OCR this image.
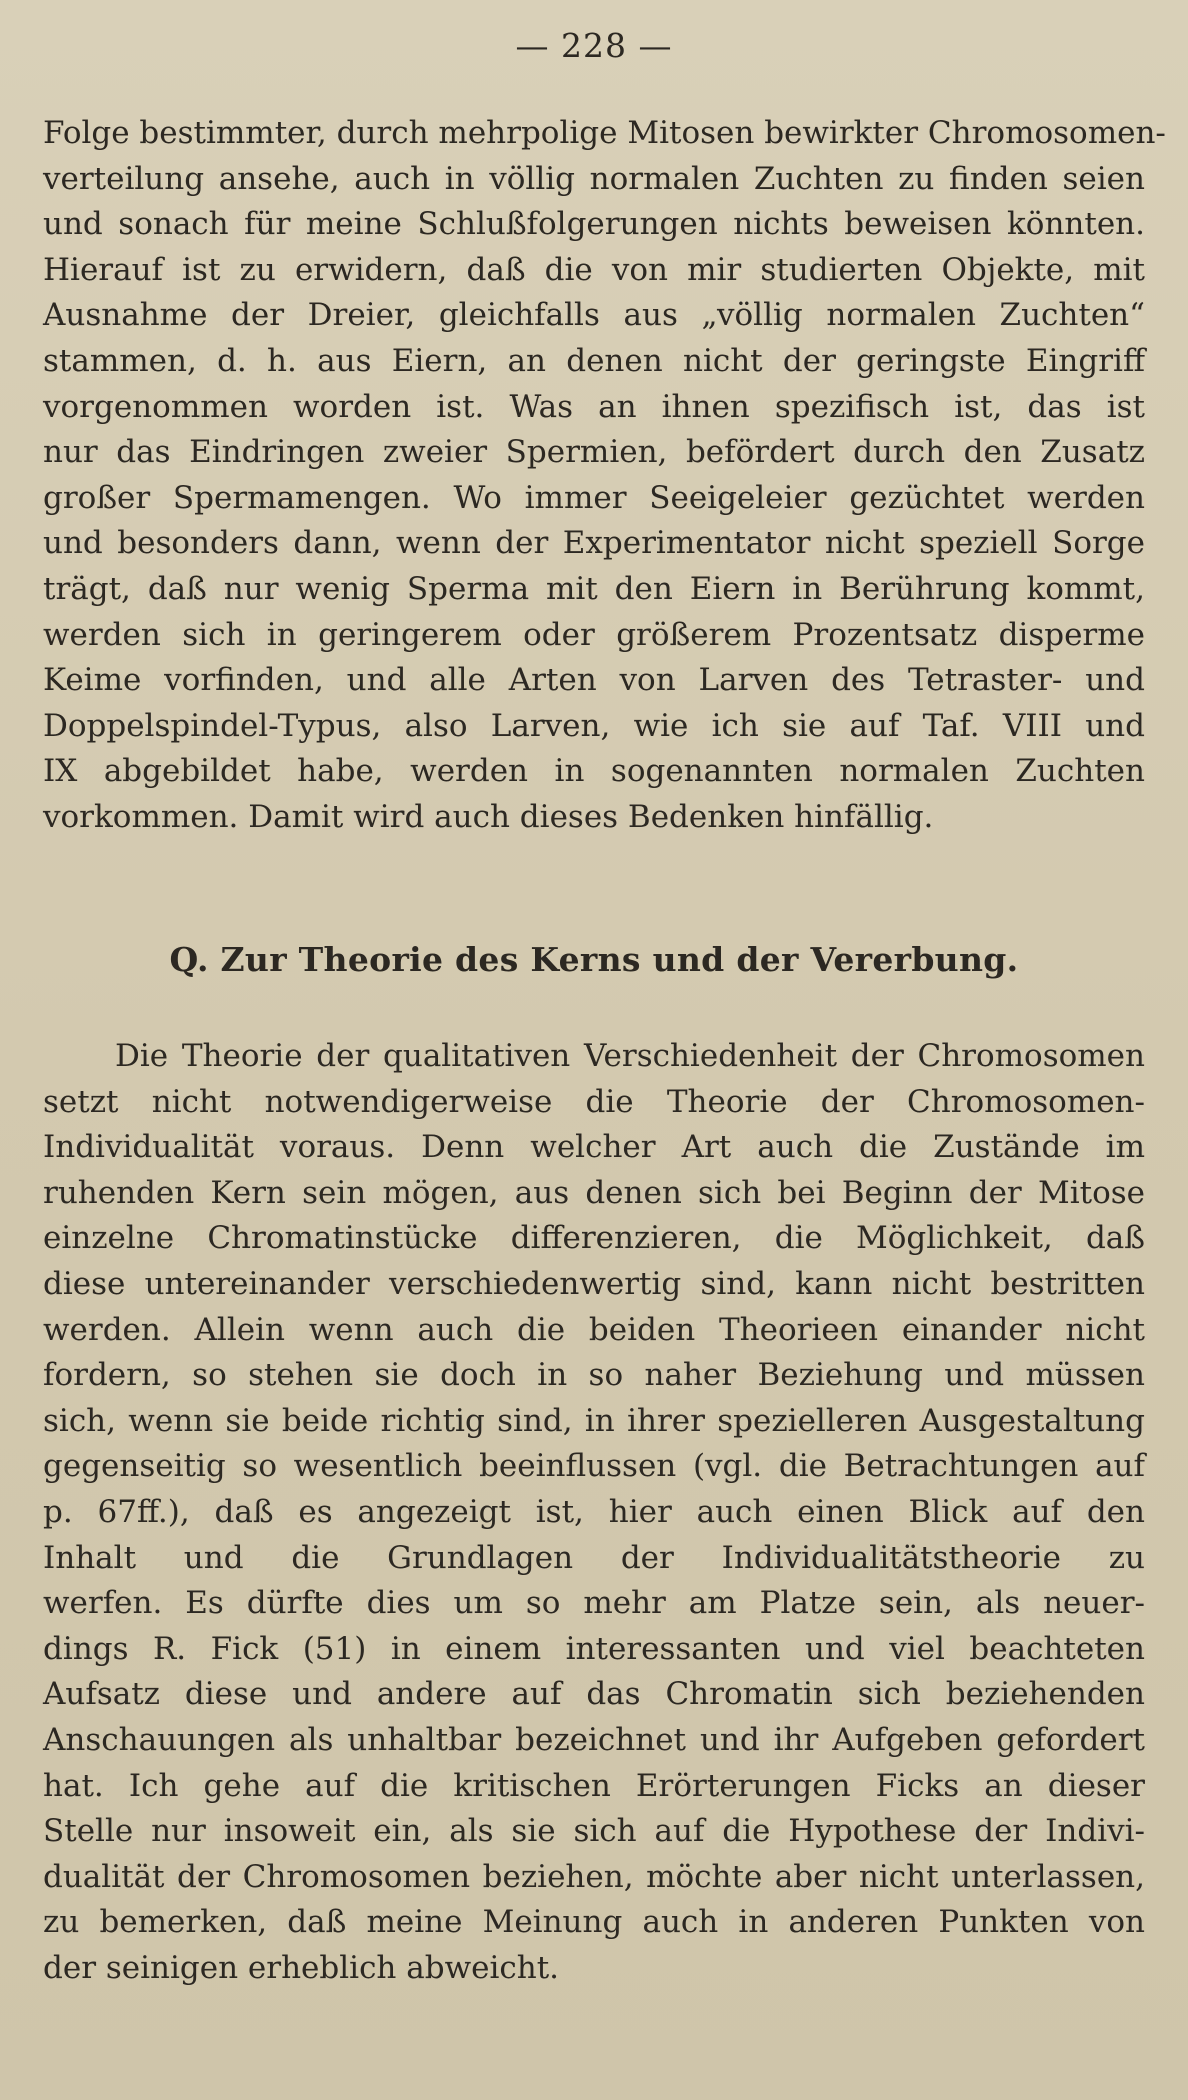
— 228 —
Folge bestimmter, durch mehrpolige Mitosen bewirkter Chromosomen-
verteilung ansehe, auch in völlig normalen Zuchten zu finden seien
und sonach für meine Schlußfolgerungen nichts beweisen könnten.
Hierauf ist zu erwidern, daß die von mir studierten Objekte, mit
Ausnahme der Dreier, gleichfalls aus „völlig normalen Zuchten“
stammen, d. h. aus Eiern, an denen nicht der geringste Eingriff
vorgenommen worden ist. Was an ihnen spezifisch ist, das ist
nur das Eindringen zweier Spermien, befördert durch den Zusatz
großer Spermamengen. Wo immer Seeigeleier gezüchtet werden
und besonders dann, wenn der Experimentator nicht speziell Sorge
trägt, daß nur wenig Sperma mit den Eiern in Berührung kommt,
werden sich in geringerem oder größerem Prozentsatz disperme
Keime vorfinden, und alle Arten von Larven des Tetraster- und
Doppelspindel-Typus, also Larven, wie ich sie auf Taf. VIII und
IX abgebildet habe, werden in sogenannten normalen Zuchten
vorkommen. Damit wird auch dieses Bedenken hinfällig.
Q. Zur Theorie des Kerns und der Vererbung.
Die Theorie der qualitativen Verschiedenheit der Chromosomen
setzt nicht notwendigerweise die Theorie der Chromosomen-
Individualität voraus. Denn welcher Art auch die Zustände im
ruhenden Kern sein mögen, aus denen sich bei Beginn der Mitose
einzelne Chromatinstücke differenzieren, die Möglichkeit, daß
diese untereinander verschiedenwertig sind, kann nicht bestritten
werden. Allein wenn auch die beiden Theorieen einander nicht
fordern, so stehen sie doch in so naher Beziehung und müssen
sich, wenn sie beide richtig sind, in ihrer spezielleren Ausgestaltung
gegenseitig so wesentlich beeinflussen (vgl. die Betrachtungen auf
p. 67ff.), daß es angezeigt ist, hier auch einen Blick auf den
Inhalt und die Grundlagen der Individualitätstheorie zu
werfen. Es dürfte dies um so mehr am Platze sein, als neuer-
dings R. Fick (51) in einem interessanten und viel beachteten
Aufsatz diese und andere auf das Chromatin sich beziehenden
Anschauungen als unhaltbar bezeichnet und ihr Aufgeben gefordert
hat. Ich gehe auf die kritischen Erörterungen Ficks an dieser
Stelle nur insoweit ein, als sie sich auf die Hypothese der Indivi-
dualität der Chromosomen beziehen, möchte aber nicht unterlassen,
zu bemerken, daß meine Meinung auch in anderen Punkten von
der seinigen erheblich abweicht.
